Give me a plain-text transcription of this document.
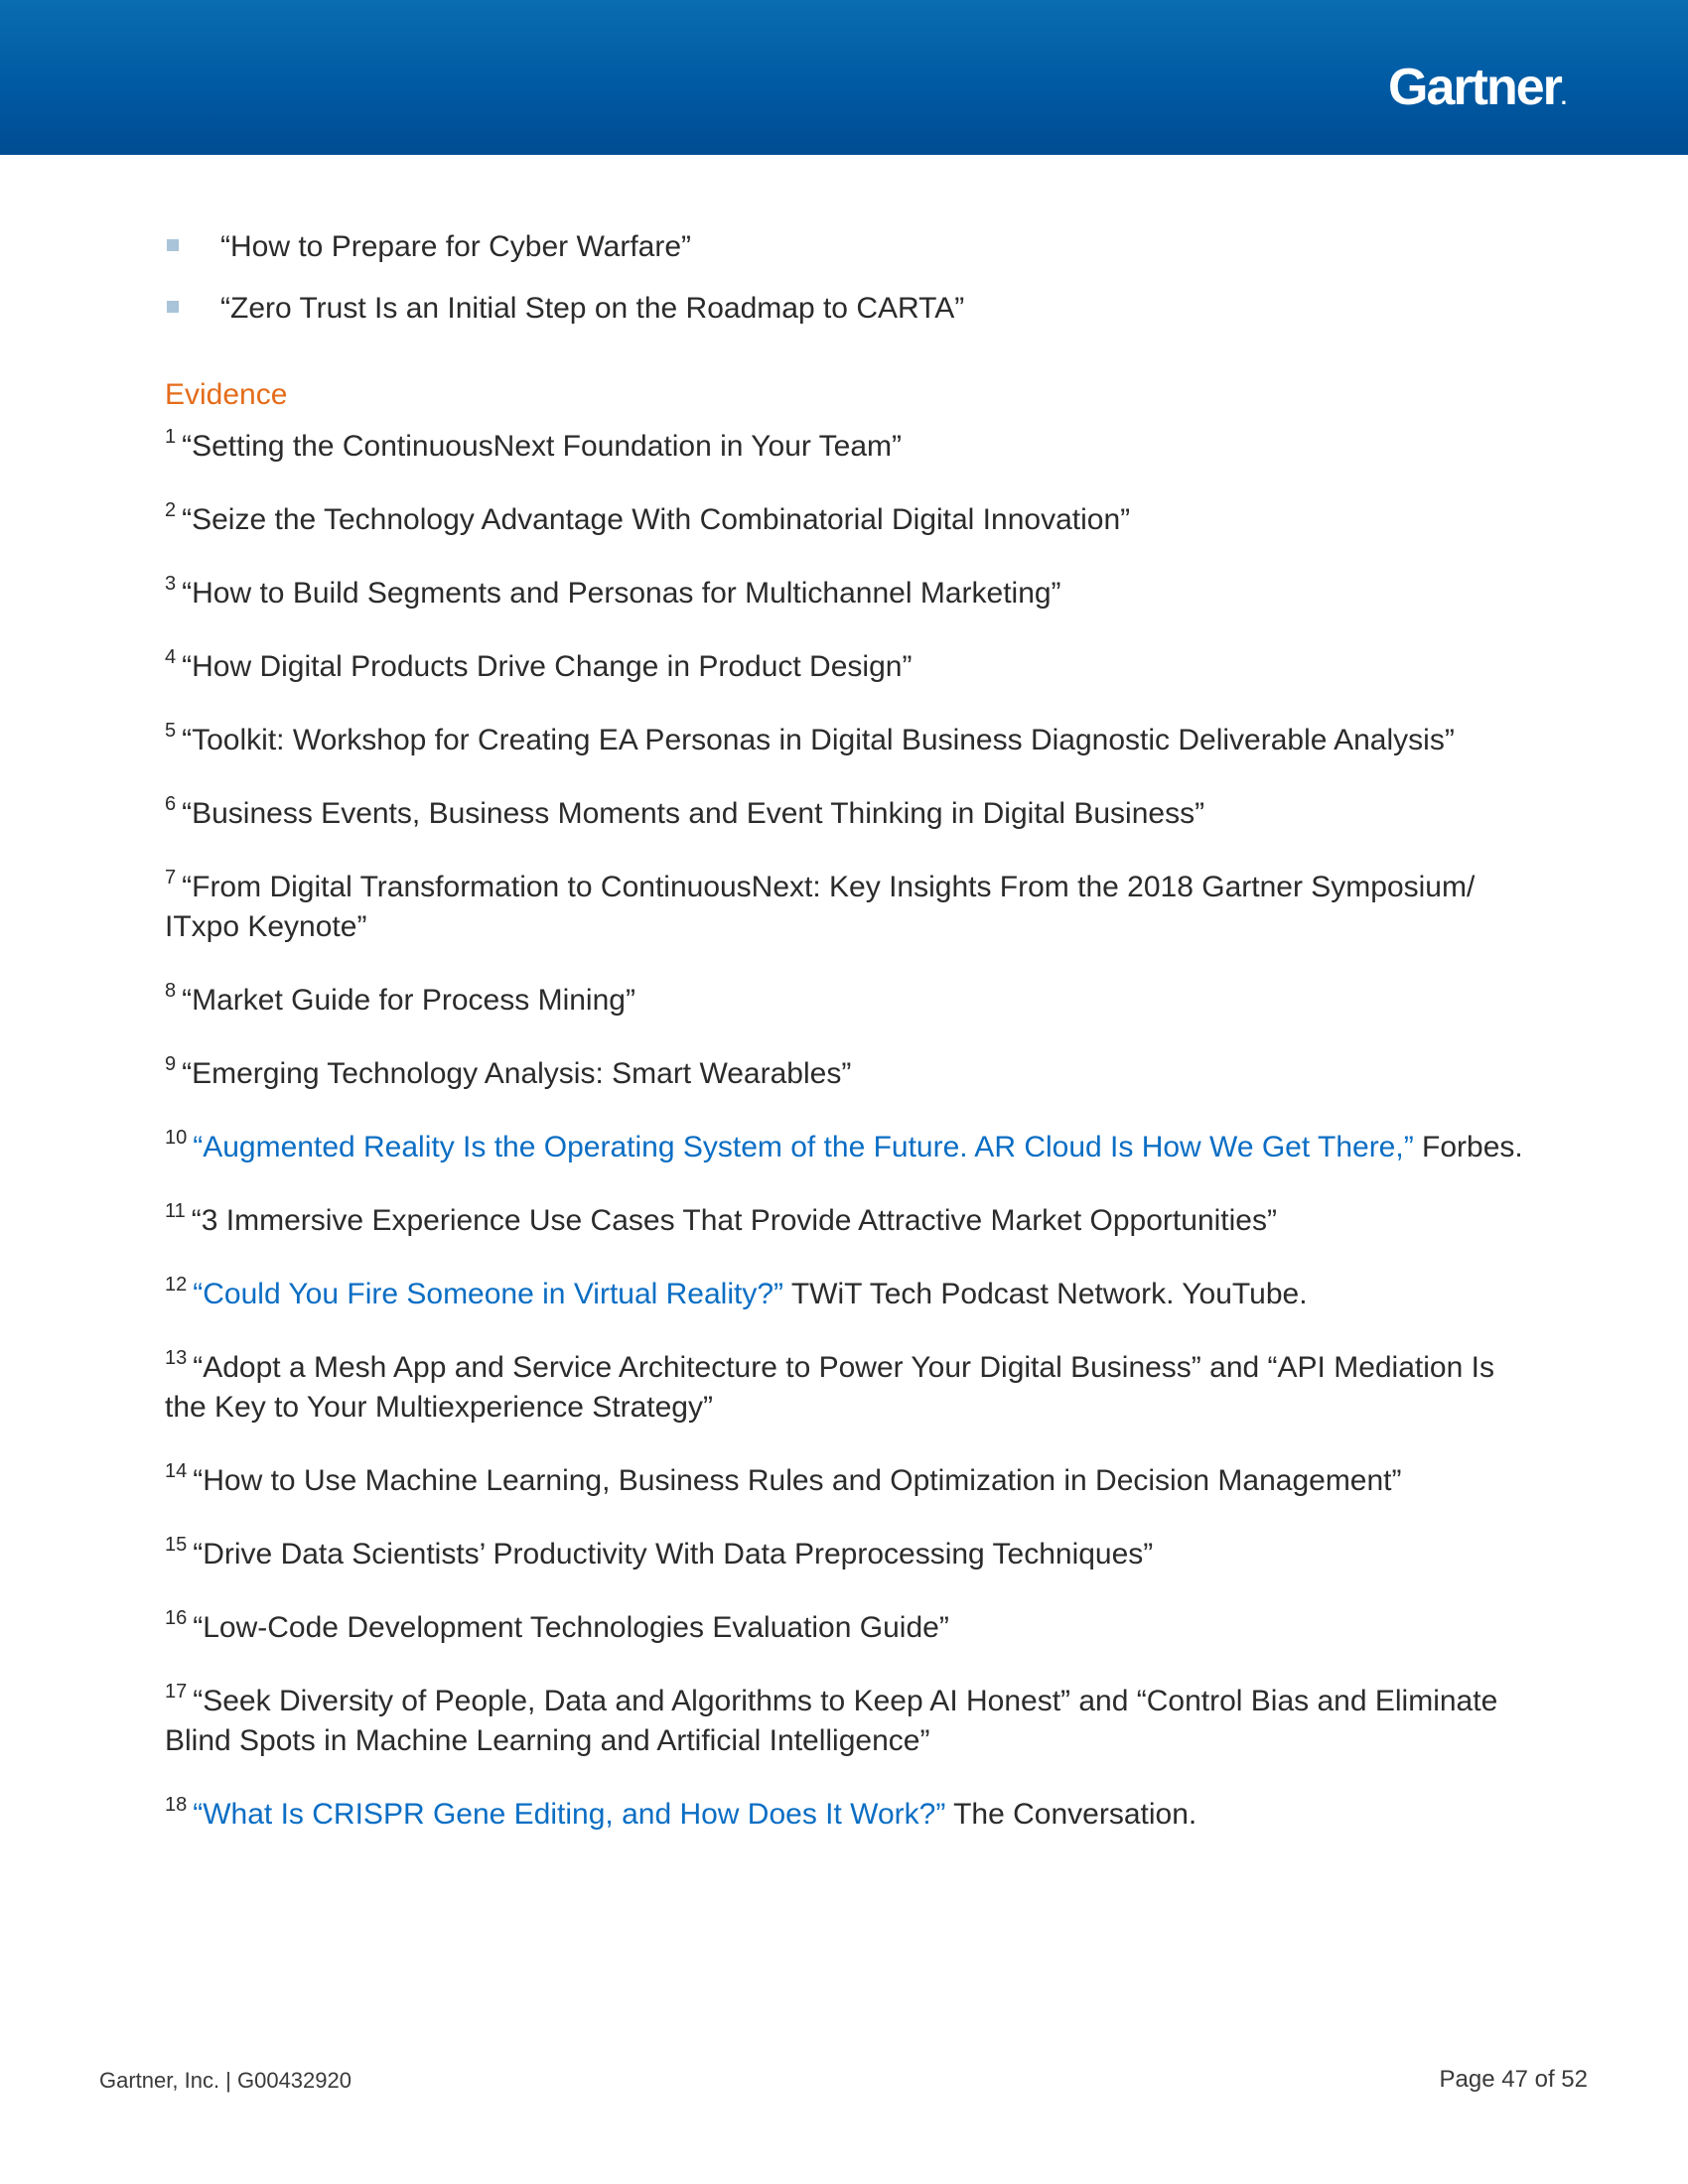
Gartner.
“How to Prepare for Cyber Warfare”
“Zero Trust Is an Initial Step on the Roadmap to CARTA”
Evidence

$^1$ “Setting the ContinuousNext Foundation in Your Team”

$^2$ “Seize the Technology Advantage With Combinatorial Digital Innovation”

$^3$ “How to Build Segments and Personas for Multichannel Marketing”

$^4$ “How Digital Products Drive Change in Product Design”

$^5$ “Toolkit: Workshop for Creating EA Personas in Digital Business Diagnostic Deliverable Analysis”

$^6$ “Business Events, Business Moments and Event Thinking in Digital Business”

$^7$ “From Digital Transformation to ContinuousNext: Key Insights From the 2018 Gartner Symposium/ ITxpo Keynote”

$^8$ “Market Guide for Process Mining”

$^9$ “Emerging Technology Analysis: Smart Wearables”

$^{10}$ “Augmented Reality Is the Operating System of the Future. AR Cloud Is How We Get There,” Forbes.

$^{11}$ “3 Immersive Experience Use Cases That Provide Attractive Market Opportunities”

$^{12}$ “Could You Fire Someone in Virtual Reality?” TWiT Tech Podcast Network. YouTube.

$^{13}$ “Adopt a Mesh App and Service Architecture to Power Your Digital Business” and “API Mediation Is the Key to Your Multiexperience Strategy”

$^{14}$ “How to Use Machine Learning, Business Rules and Optimization in Decision Management”

$^{15}$ “Drive Data Scientists’ Productivity With Data Preprocessing Techniques”

$^{16}$ “Low-Code Development Technologies Evaluation Guide”

$^{17}$ “Seek Diversity of People, Data and Algorithms to Keep AI Honest” and “Control Bias and Eliminate Blind Spots in Machine Learning and Artificial Intelligence”

$^{18}$ “What Is CRISPR Gene Editing, and How Does It Work?” The Conversation.

Gartner, Inc. | G00432920	Page 47 of 52
